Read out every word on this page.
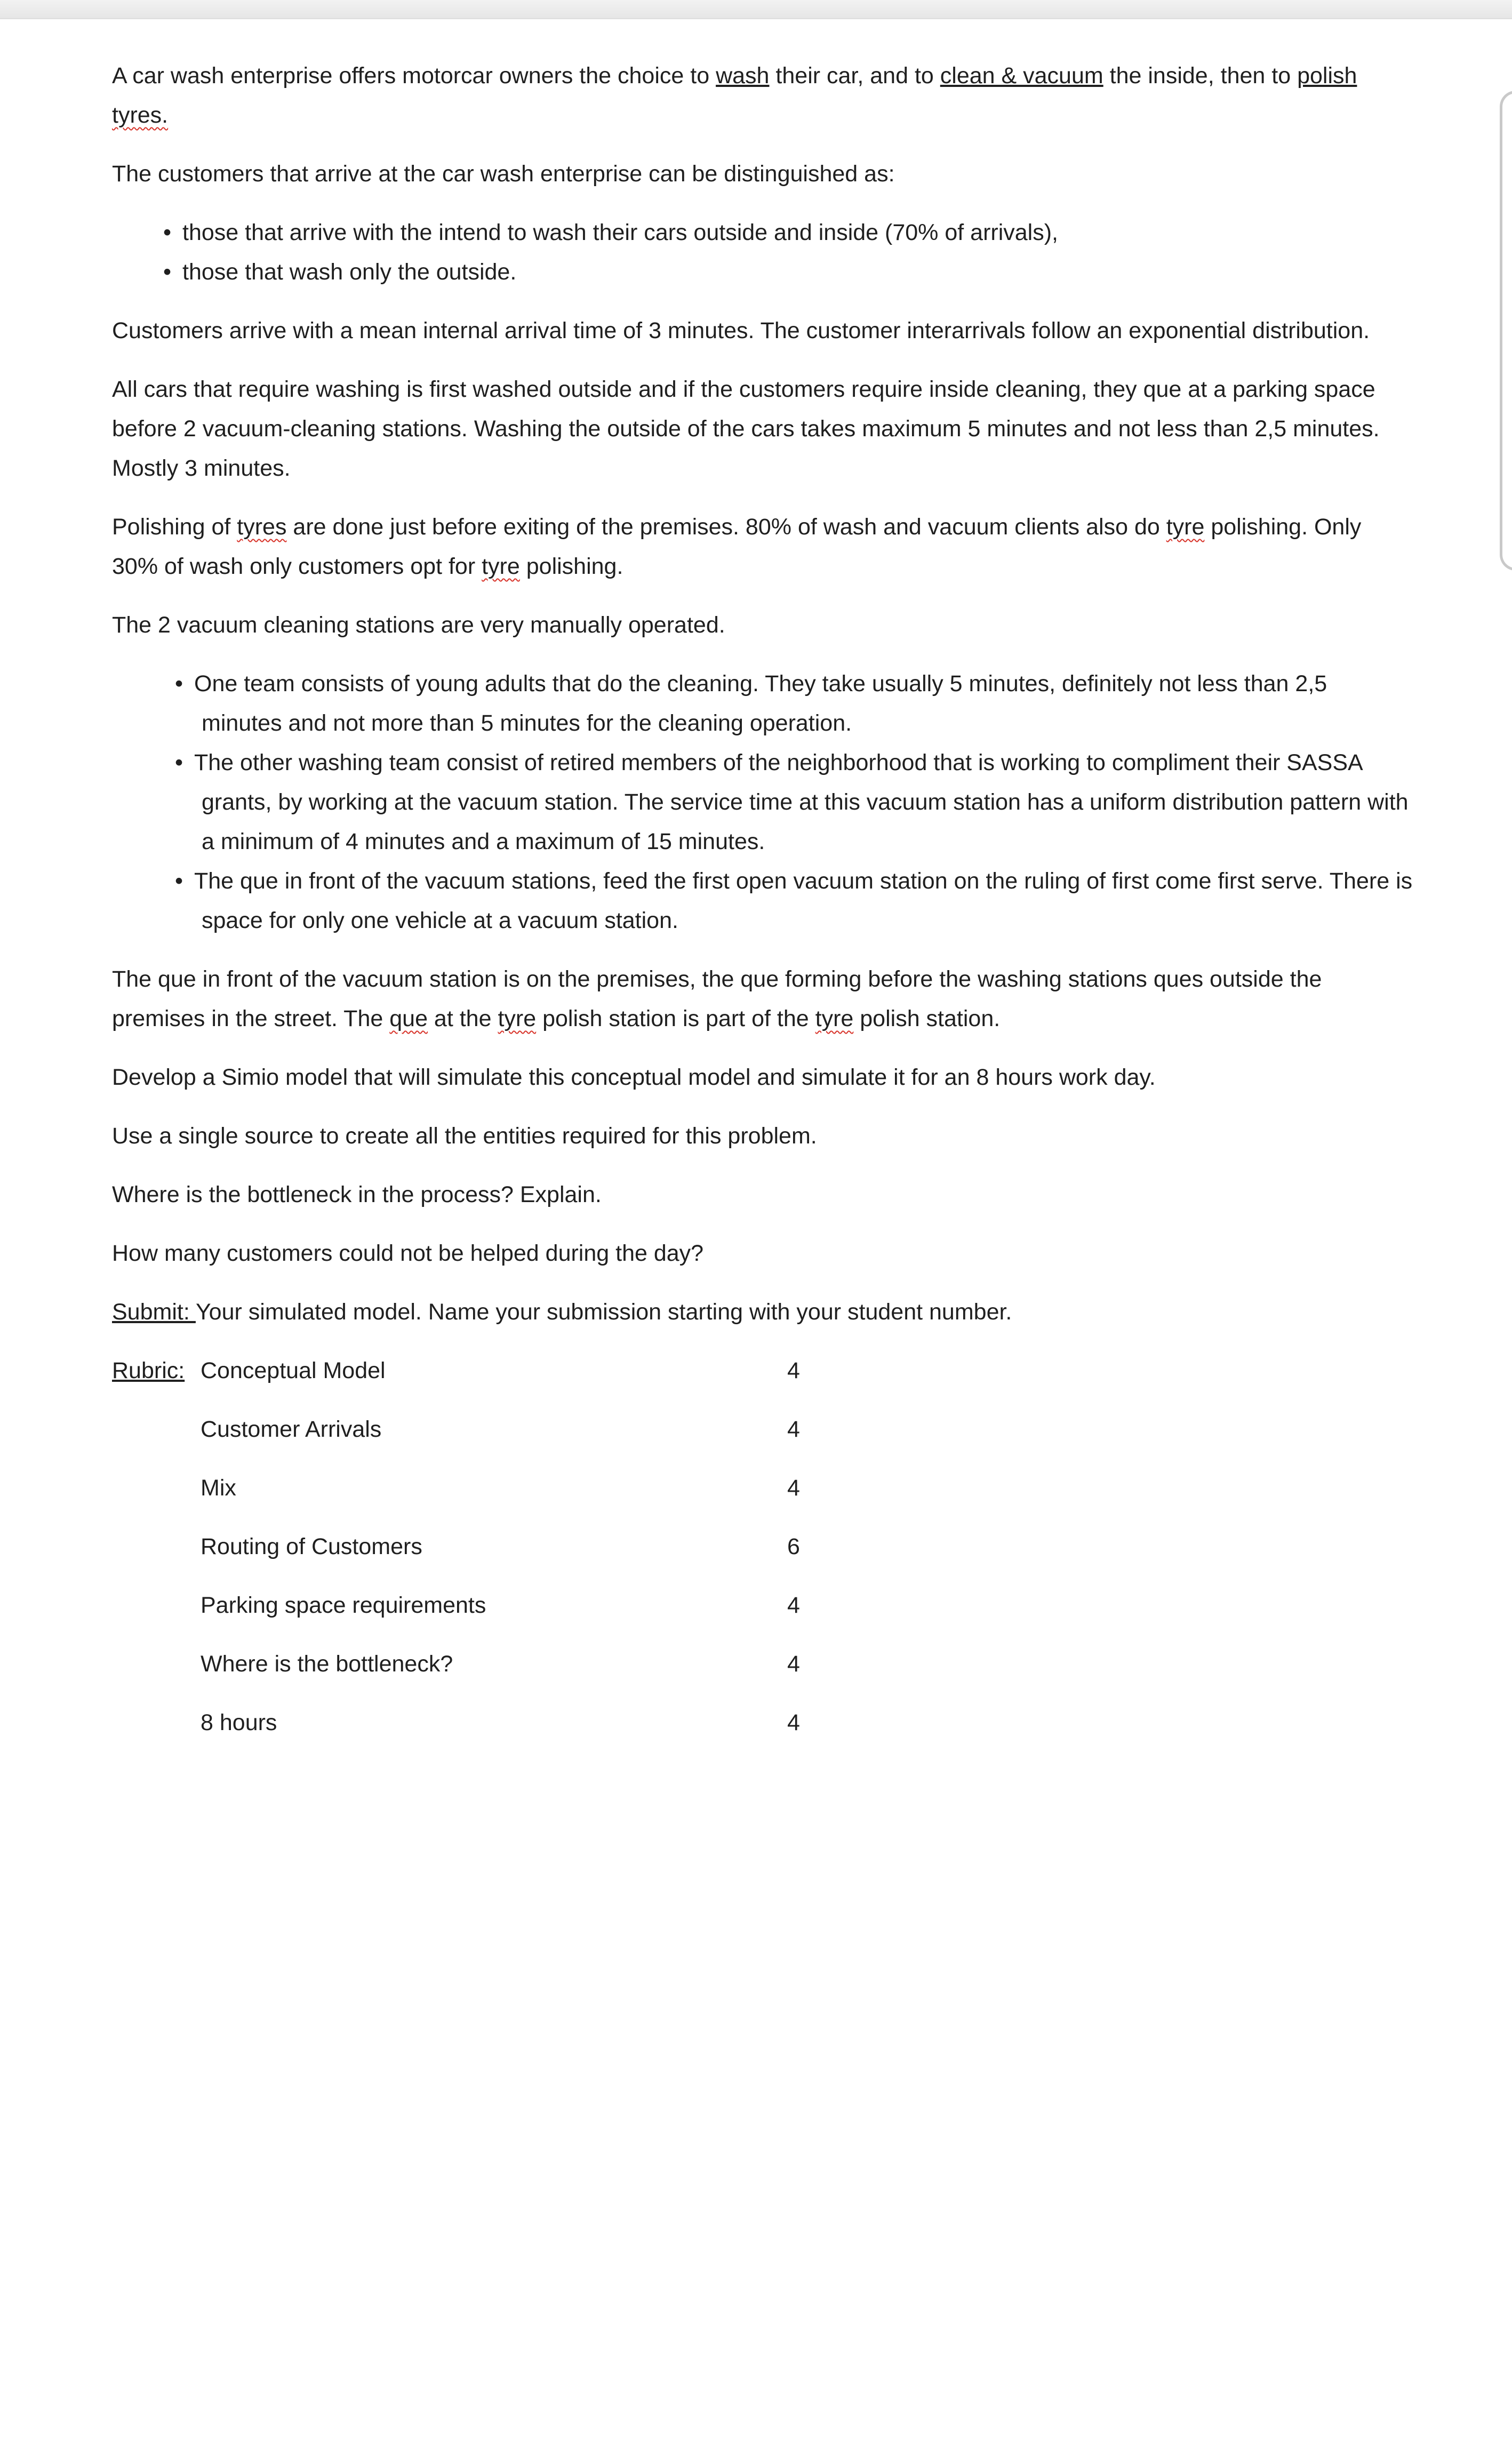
A car wash enterprise offers motorcar owners the choice to wash their car, and to clean & vacuum the inside, then to polish tyres.

The customers that arrive at the car wash enterprise can be distinguished as:

• those that arrive with the intend to wash their cars outside and inside (70% of arrivals),
• those that wash only the outside.

Customers arrive with a mean internal arrival time of 3 minutes. The customer interarrivals follow an exponential distribution.

All cars that require washing is first washed outside and if the customers require inside cleaning, they que at a parking space before 2 vacuum-cleaning stations. Washing the outside of the cars takes maximum 5 minutes and not less than 2,5 minutes. Mostly 3 minutes.

Polishing of tyres are done just before exiting of the premises. 80% of wash and vacuum clients also do tyre polishing. Only 30% of wash only customers opt for tyre polishing.

The 2 vacuum cleaning stations are very manually operated.

• One team consists of young adults that do the cleaning. They take usually 5 minutes, definitely not less than 2,5 minutes and not more than 5 minutes for the cleaning operation.
• The other washing team consist of retired members of the neighborhood that is working to compliment their SASSA grants, by working at the vacuum station. The service time at this vacuum station has a uniform distribution pattern with a minimum of 4 minutes and a maximum of 15 minutes.
• The que in front of the vacuum stations, feed the first open vacuum station on the ruling of first come first serve. There is space for only one vehicle at a vacuum station.

The que in front of the vacuum station is on the premises, the que forming before the washing stations ques outside the premises in the street. The que at the tyre polish station is part of the tyre polish station.

Develop a Simio model that will simulate this conceptual model and simulate it for an 8 hours work day.

Use a single source to create all the entities required for this problem.

Where is the bottleneck in the process? Explain.

How many customers could not be helped during the day?

Submit: Your simulated model. Name your submission starting with your student number.

Rubric: Conceptual Model	4
Customer Arrivals	4
Mix	4
Routing of Customers	6
Parking space requirements	4
Where is the bottleneck?	4
8 hours	4
